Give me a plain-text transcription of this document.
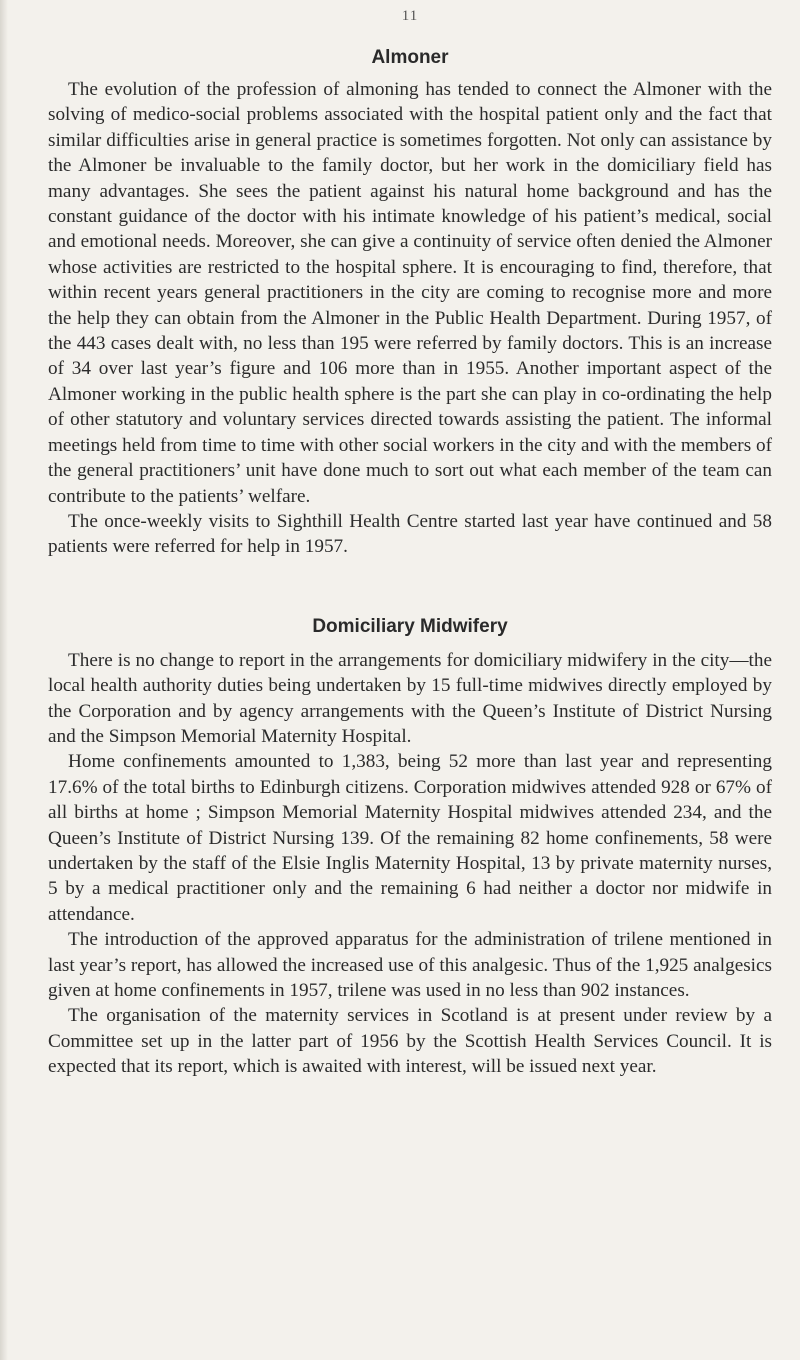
11
Almoner

The evolution of the profession of almoning has tended to connect the Almoner with the solving of medico-social problems associated with the hospital patient only and the fact that similar difficulties arise in general practice is sometimes forgotten. Not only can assistance by the Almoner be invaluable to the family doctor, but her work in the domiciliary field has many advantages. She sees the patient against his natural home background and has the constant guidance of the doctor with his intimate knowledge of his patient’s medical, social and emotional needs. Moreover, she can give a continuity of service often denied the Almoner whose activities are restricted to the hospital sphere. It is encouraging to find, therefore, that within recent years general practitioners in the city are coming to recognise more and more the help they can obtain from the Almoner in the Public Health Department. During 1957, of the 443 cases dealt with, no less than 195 were referred by family doctors. This is an increase of 34 over last year’s figure and 106 more than in 1955. Another important aspect of the Almoner working in the public health sphere is the part she can play in co-ordinating the help of other statutory and voluntary services directed towards assisting the patient. The informal meetings held from time to time with other social workers in the city and with the members of the general practitioners’ unit have done much to sort out what each member of the team can contribute to the patients’ welfare.

The once-weekly visits to Sighthill Health Centre started last year have continued and 58 patients were referred for help in 1957.

Domiciliary Midwifery

There is no change to report in the arrangements for domiciliary midwifery in the city—the local health authority duties being undertaken by 15 full-time midwives directly employed by the Corporation and by agency arrangements with the Queen’s Institute of District Nursing and the Simpson Memorial Maternity Hospital.

Home confinements amounted to 1,383, being 52 more than last year and representing 17.6% of the total births to Edinburgh citizens. Corporation midwives attended 928 or 67% of all births at home ; Simpson Memorial Maternity Hospital midwives attended 234, and the Queen’s Institute of District Nursing 139. Of the remaining 82 home confinements, 58 were undertaken by the staff of the Elsie Inglis Maternity Hospital, 13 by private maternity nurses, 5 by a medical practitioner only and the remaining 6 had neither a doctor nor midwife in attendance.

The introduction of the approved apparatus for the administration of trilene mentioned in last year’s report, has allowed the increased use of this analgesic. Thus of the 1,925 analgesics given at home confinements in 1957, trilene was used in no less than 902 instances.

The organisation of the maternity services in Scotland is at present under review by a Committee set up in the latter part of 1956 by the Scottish Health Services Council. It is expected that its report, which is awaited with interest, will be issued next year.
